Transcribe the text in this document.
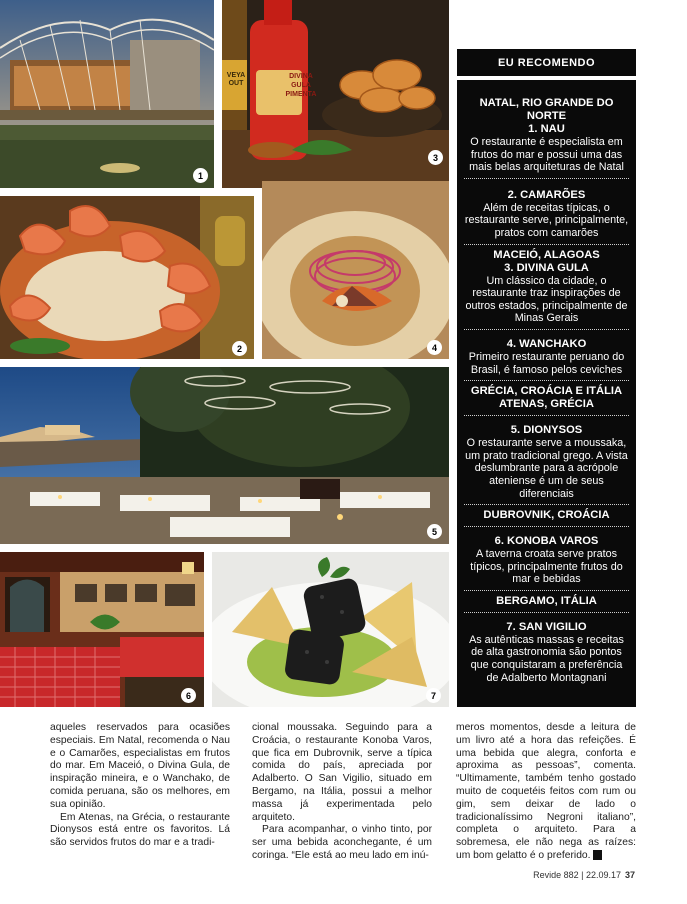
1
2
VEYA OUT
DIVINA
GULA
PIMENTA
3
4
5
6	7
EU RECOMENDO
NATAL, RIO GRANDE DO NORTE
1. NAU
O restaurante é especialista em frutos do mar e possui uma das mais belas arquiteturas de Natal
2. CAMARÕES
Além de receitas típicas, o restaurante serve, principalmente, pratos com camarões
MACEIÓ, ALAGOAS
3. DIVINA GULA
Um clássico da cidade, o restaurante traz inspirações de outros estados, principalmente de Minas Gerais
4. WANCHAKO
Primeiro restaurante peruano do Brasil, é famoso pelos ceviches
GRÉCIA, CROÁCIA E ITÁLIA
ATENAS, GRÉCIA
5. DIONYSOS
O restaurante serve a moussaka, um prato tradicional grego. A vista deslumbrante para a acrópole ateniense é um de seus diferenciais
DUBROVNIK, CROÁCIA
6. KONOBA VAROS
A taverna croata serve pratos típicos, principalmente frutos do mar e bebidas
BERGAMO, ITÁLIA
7. SAN VIGILIO
As autênticas massas e receitas de alta gastronomia são pontos que conquistaram a preferência de Adalberto Montagnani

aqueles reservados para ocasiões especiais. Em Natal, recomenda o Nau e o Camarões, especialistas em frutos do mar. Em Maceió, o Divina Gula, de inspiração mineira, e o Wanchako, de comida peruana, são os melhores, em sua opinião.

Em Atenas, na Grécia, o restaurante Dionysos está entre os favoritos. Lá são servidos frutos do mar e a tradi-

cional moussaka. Seguindo para a Croácia, o restaurante Konoba Varos, que fica em Dubrovnik, serve a típica comida do país, apreciada por Adalberto. O San Vigilio, situado em Bergamo, na Itália, possui a melhor massa já experimentada pelo arquiteto.

Para acompanhar, o vinho tinto, por ser uma bebida aconchegante, é um coringa. “Ele está ao meu lado em inú-

meros momentos, desde a leitura de um livro até a hora das refeições. É uma bebida que alegra, conforta e aproxima as pessoas”, comenta. “Ultimamente, também tenho gostado muito de coquetéis feitos com rum ou gim, sem deixar de lado o tradicionalíssimo Negroni italiano”, completa o arquiteto. Para a sobremesa, ele não nega as raízes: um bom gelatto é o preferido.

Revide 882 | 22.09.17 37
